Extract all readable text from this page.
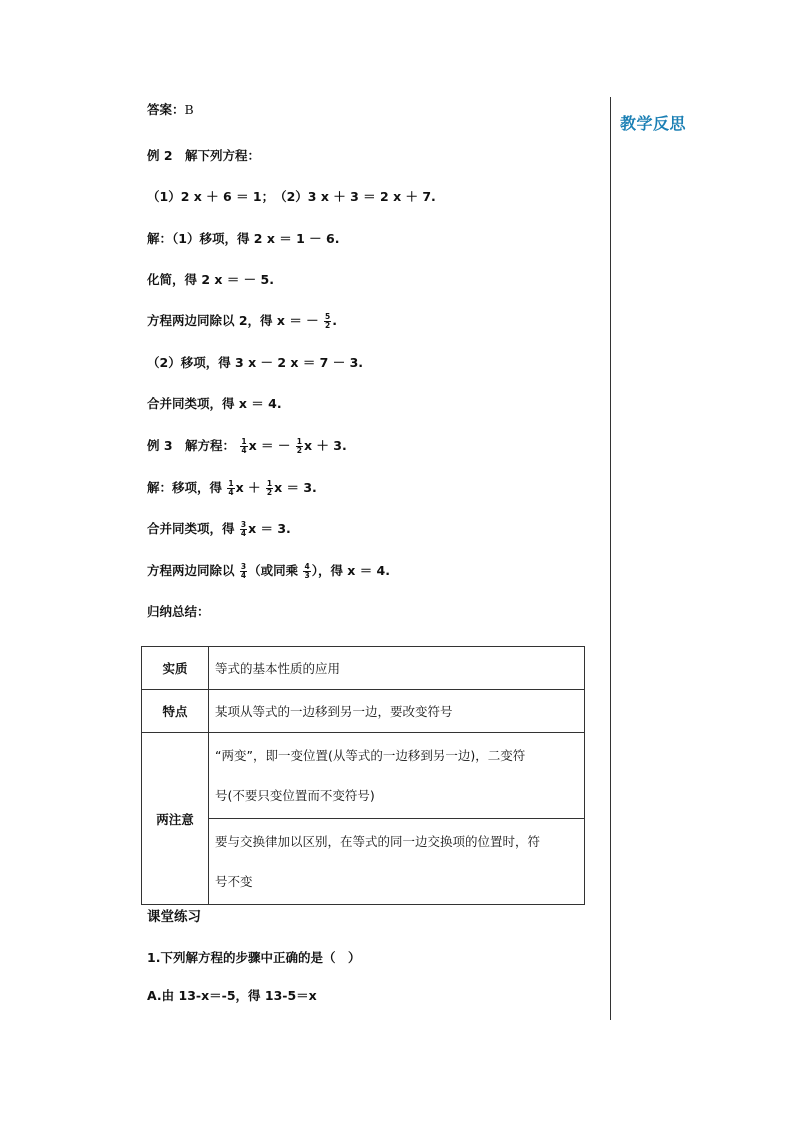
教学反思
答案：B
例 2　解下列方程：
（1）2 x ＋ 6 ＝ 1；　（2）3 x ＋ 3 ＝ 2 x ＋ 7.
解：（1）移项，得 2 x ＝ 1 － 6.
化简，得 2 x ＝ － 5.
方程两边同除以 2，得 x ＝ － $\frac{5}{2}$ .
（2）移项，得 3 x － 2 x ＝ 7 － 3.
合并同类项，得 x ＝ 4.
例 3　解方程： $\frac{1}{4}$ x ＝ － $\frac{1}{2}$ x ＋ 3.
解：移项，得 $\frac{1}{4}$ $x + \frac{1}{2}$ x ＝ 3.
合并同类项，得 $\frac{3}{4}$ x ＝ 3.
方程两边同除以 $\frac{3}{4}$ （或同乘 $\frac{4}{3}$ ），得 x ＝ 4.
归纳总结：
课堂练习
1.下列解方程的步骤中正确的是（　）
A.由 13-x＝-5，得 13-5＝x
实质	等式的基本性质的应用
特点	某项从等式的一边移到另一边，要改变符号
两注意	“两变”，即一变位置(从等式的一边移到另一边)，二变符
号(不要只变位置而不变符号)

	要与交换律加以区别，在等式的同一边交换项的位置时，符
号不变
